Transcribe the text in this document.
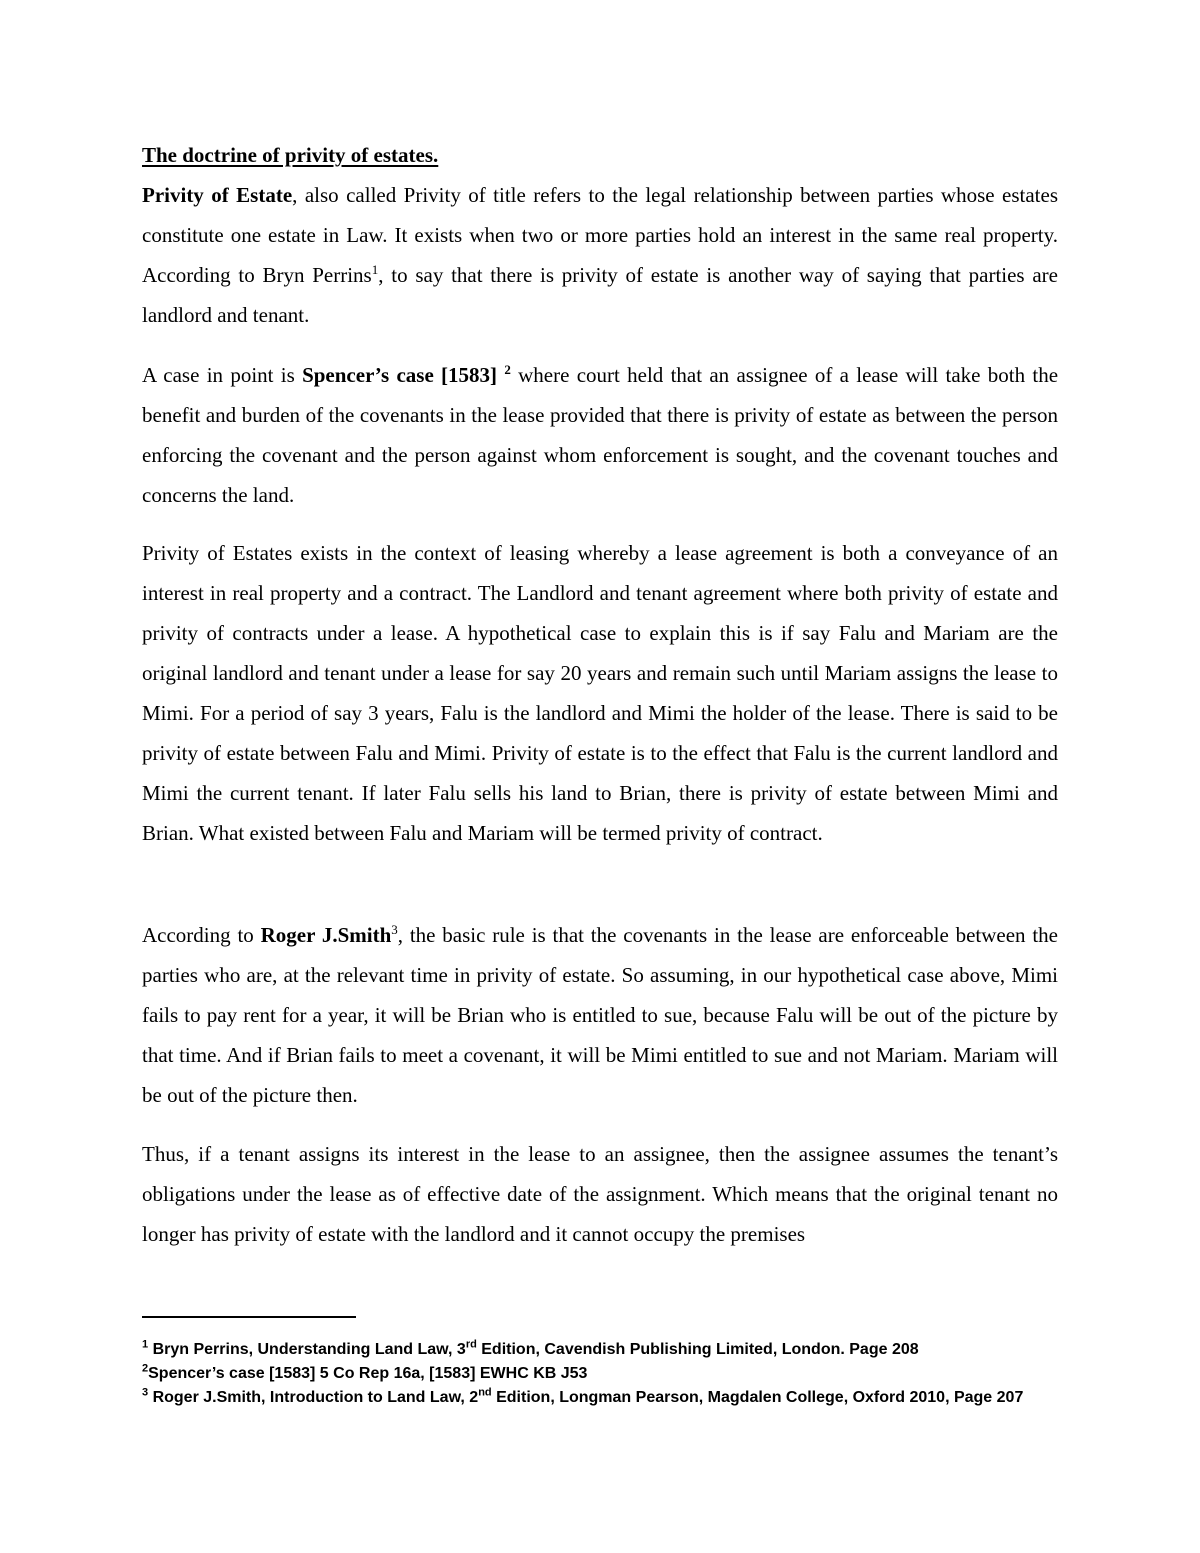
The doctrine of privity of estates.

Privity of Estate, also called Privity of title refers to the legal relationship between parties whose estates constitute one estate in Law. It exists when two or more parties hold an interest in the same real property. According to Bryn Perrins$^1$, to say that there is privity of estate is another way of saying that parties are landlord and tenant.

A case in point is Spencer’s case [1583] $^2$ where court held that an assignee of a lease will take both the benefit and burden of the covenants in the lease provided that there is privity of estate as between the person enforcing the covenant and the person against whom enforcement is sought, and the covenant touches and concerns the land.

Privity of Estates exists in the context of leasing whereby a lease agreement is both a conveyance of an interest in real property and a contract. The Landlord and tenant agreement where both privity of estate and privity of contracts under a lease. A hypothetical case to explain this is if say Falu and Mariam are the original landlord and tenant under a lease for say 20 years and remain such until Mariam assigns the lease to Mimi. For a period of say 3 years, Falu is the landlord and Mimi the holder of the lease. There is said to be privity of estate between Falu and Mimi. Privity of estate is to the effect that Falu is the current landlord and Mimi the current tenant. If later Falu sells his land to Brian, there is privity of estate between Mimi and Brian. What existed between Falu and Mariam will be termed privity of contract.

According to Roger J.Smith$^3$, the basic rule is that the covenants in the lease are enforceable between the parties who are, at the relevant time in privity of estate. So assuming, in our hypothetical case above, Mimi fails to pay rent for a year, it will be Brian who is entitled to sue, because Falu will be out of the picture by that time. And if Brian fails to meet a covenant, it will be Mimi entitled to sue and not Mariam. Mariam will be out of the picture then.

Thus, if a tenant assigns its interest in the lease to an assignee, then the assignee assumes the tenant’s obligations under the lease as of effective date of the assignment. Which means that the original tenant no longer has privity of estate with the landlord and it cannot occupy the premises

$^1$ Bryn Perrins, Understanding Land Law, 3rd Edition, Cavendish Publishing Limited, London. Page 208

$^2$Spencer’s case [1583] 5 Co Rep 16a, [1583] EWHC KB J53

$^3$ Roger J.Smith, Introduction to Land Law, 2nd Edition, Longman Pearson, Magdalen College, Oxford 2010, Page 207
